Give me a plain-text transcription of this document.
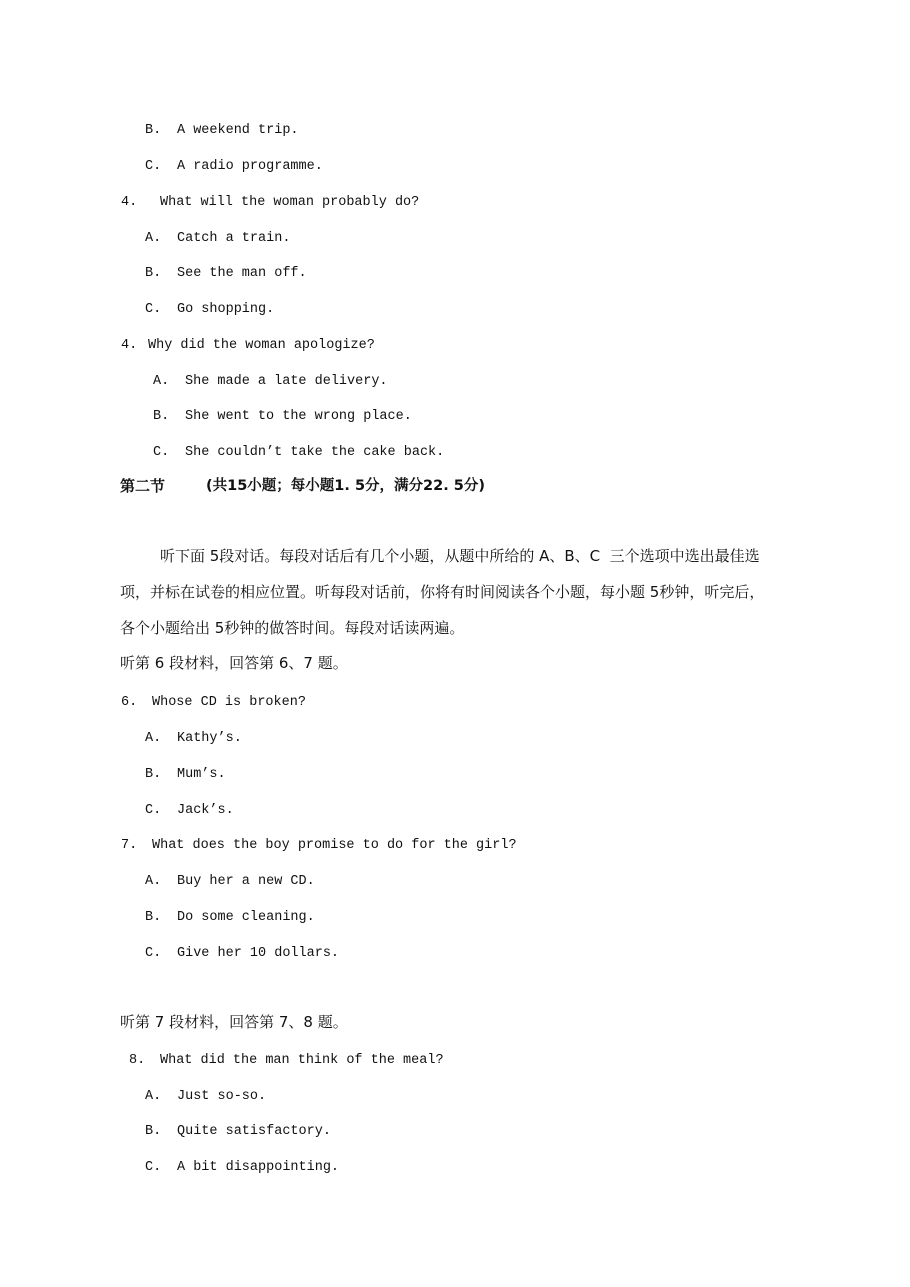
B. A weekend trip.
C. A radio programme.
4. What will the woman probably do?
A. Catch a train.
B. See the man off.
C. Go shopping.
4. Why did the woman apologize?
A. She made a late delivery.
B. She went to the wrong place.
C. She couldn’t take the cake back.
第二节	(共15小题；每小题1. 5分，满分22. 5分)
听下面 5段对话。每段对话后有几个小题，从题中所给的 A、B、C  三个选项中选出最佳选
项，并标在试卷的相应位置。听每段对话前，你将有时间阅读各个小题，每小题 5秒钟，听完后，
各个小题给出 5秒钟的做答时间。每段对话读两遍。
听第 6 段材料，回答第 6、7 题。
6. Whose CD is broken?
A. Kathy’s.
B. Mum’s.
C. Jack’s.
7. What does the boy promise to do for the girl?
A. Buy her a new CD.
B. Do some cleaning.
C. Give her 10 dollars.
听第 7 段材料，回答第 7、8 题。
8. What did the man think of the meal?
A. Just so-so.
B. Quite satisfactory.
C. A bit disappointing.
